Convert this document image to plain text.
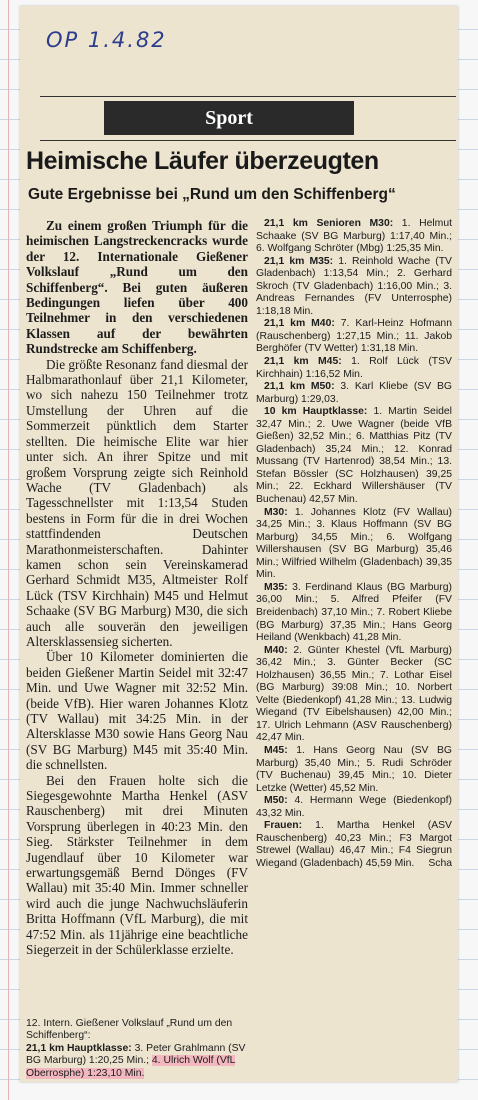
OP 1.4.82
Sport
Heimische Läufer überzeugten
Gute Ergebnisse bei „Rund um den Schiffenberg“

Zu einem großen Triumph für die heimischen Langstreckencracks wurde der 12. Internationale Gießener Volkslauf „Rund um den Schiffenberg“. Bei guten äußeren Bedingungen liefen über 400 Teilnehmer in den verschiedenen Klassen auf der bewährten Rundstrecke am Schiffenberg.

Die größte Resonanz fand diesmal der Halbmarathonlauf über 21,1 Kilometer, wo sich nahezu 150 Teilnehmer trotz Umstellung der Uhren auf die Sommerzeit pünktlich dem Starter stellten. Die heimische Elite war hier unter sich. An ihrer Spitze und mit großem Vorsprung zeigte sich Reinhold Wache (TV Gladenbach) als Tagesschnellster mit 1:13,54 Studen bestens in Form für die in drei Wochen stattfindenden Deutschen Marathonmeisterschaften. Dahinter kamen schon sein Vereinskamerad Gerhard Schmidt M35, Altmeister Rolf Lück (TSV Kirchhain) M45 und Helmut Schaake (SV BG Marburg) M30, die sich auch alle souverän den jeweiligen Altersklassensieg sicherten.

Über 10 Kilometer dominierten die beiden Gießener Martin Seidel mit 32:47 Min. und Uwe Wagner mit 32:52 Min. (beide VfB). Hier waren Johannes Klotz (TV Wallau) mit 34:25 Min. in der Altersklasse M30 sowie Hans Georg Nau (SV BG Marburg) M45 mit 35:40 Min. die schnellsten.

Bei den Frauen holte sich die Siegesgewohnte Martha Henkel (ASV Rauschenberg) mit drei Minuten Vorsprung überlegen in 40:23 Min. den Sieg. Stärkster Teilnehmer in dem Jugendlauf über 10 Kilometer war erwartungsgemäß Bernd Dönges (FV Wallau) mit 35:40 Min. Immer schneller wird auch die junge Nachwuchsläuferin Britta Hoffmann (VfL Marburg), die mit 47:52 Min. als 11jährige eine beachtliche Siegerzeit in der Schülerklasse erzielte.

12. Intern. Gießener Volkslauf „Rund um den Schiffenberg“:

21,1 km Hauptklasse: 3. Peter Grahlmann (SV BG Marburg) 1:20,25 Min.; 4. Ulrich Wolf (VfL Oberrosphe) 1:23,10 Min.

21,1 km Senioren M30: 1. Helmut Schaake (SV BG Marburg) 1:17,40 Min.; 6. Wolfgang Schröter (Mbg) 1:25,35 Min.

21,1 km M35: 1. Reinhold Wache (TV Gladenbach) 1:13,54 Min.; 2. Gerhard Skroch (TV Gladenbach) 1:16,00 Min.; 3. Andreas Fernandes (FV Unterrosphe) 1:18,18 Min.

21,1 km M40: 7. Karl-Heinz Hofmann (Rauschenberg) 1:27,15 Min.; 11. Jakob Berghöfer (TV Wetter) 1:31,18 Min.

21,1 km M45: 1. Rolf Lück (TSV Kirchhain) 1:16,52 Min.

21,1 km M50: 3. Karl Kliebe (SV BG Marburg) 1:29,03.

10 km Hauptklasse: 1. Martin Seidel 32,47 Min.; 2. Uwe Wagner (beide VfB Gießen) 32,52 Min.; 6. Matthias Pitz (TV Gladenbach) 35,24 Min.; 12. Konrad Mussang (TV Hartenrod) 38,54 Min.; 13. Stefan Bössler (SC Holzhausen) 39,25 Min.; 22. Eckhard Willershäuser (TV Buchenau) 42,57 Min.

M30: 1. Johannes Klotz (FV Wallau) 34,25 Min.; 3. Klaus Hoffmann (SV BG Marburg) 34,55 Min.; 6. Wolfgang Willershausen (SV BG Marburg) 35,46 Min.; Wilfried Wilhelm (Gladenbach) 39,35 Min.

M35: 3. Ferdinand Klaus (BG Marburg) 36,00 Min.; 5. Alfred Pfeifer (FV Breidenbach) 37,10 Min.; 7. Robert Kliebe (BG Marburg) 37,35 Min.; Hans Georg Heiland (Wenkbach) 41,28 Min.

M40: 2. Günter Khestel (VfL Marburg) 36,42 Min.; 3. Günter Becker (SC Holzhausen) 36,55 Min.; 7. Lothar Eisel (BG Marburg) 39:08 Min.; 10. Norbert Velte (Biedenkopf) 41,28 Min.; 13. Ludwig Wiegand (TV Eibelshausen) 42,00 Min.; 17. Ulrich Lehmann (ASV Rauschenberg) 42,47 Min.

M45: 1. Hans Georg Nau (SV BG Marburg) 35,40 Min.; 5. Rudi Schröder (TV Buchenau) 39,45 Min.; 10. Dieter Letzke (Wetter) 45,52 Min.

M50: 4. Hermann Wege (Biedenkopf) 43,32 Min.

Frauen: 1. Martha Henkel (ASV Rauschenberg) 40,23 Min.; F3 Margot Strewel (Wallau) 46,47 Min.; F4 Siegrun Wiegand (Gladenbach) 45,59 Min.	Scha
